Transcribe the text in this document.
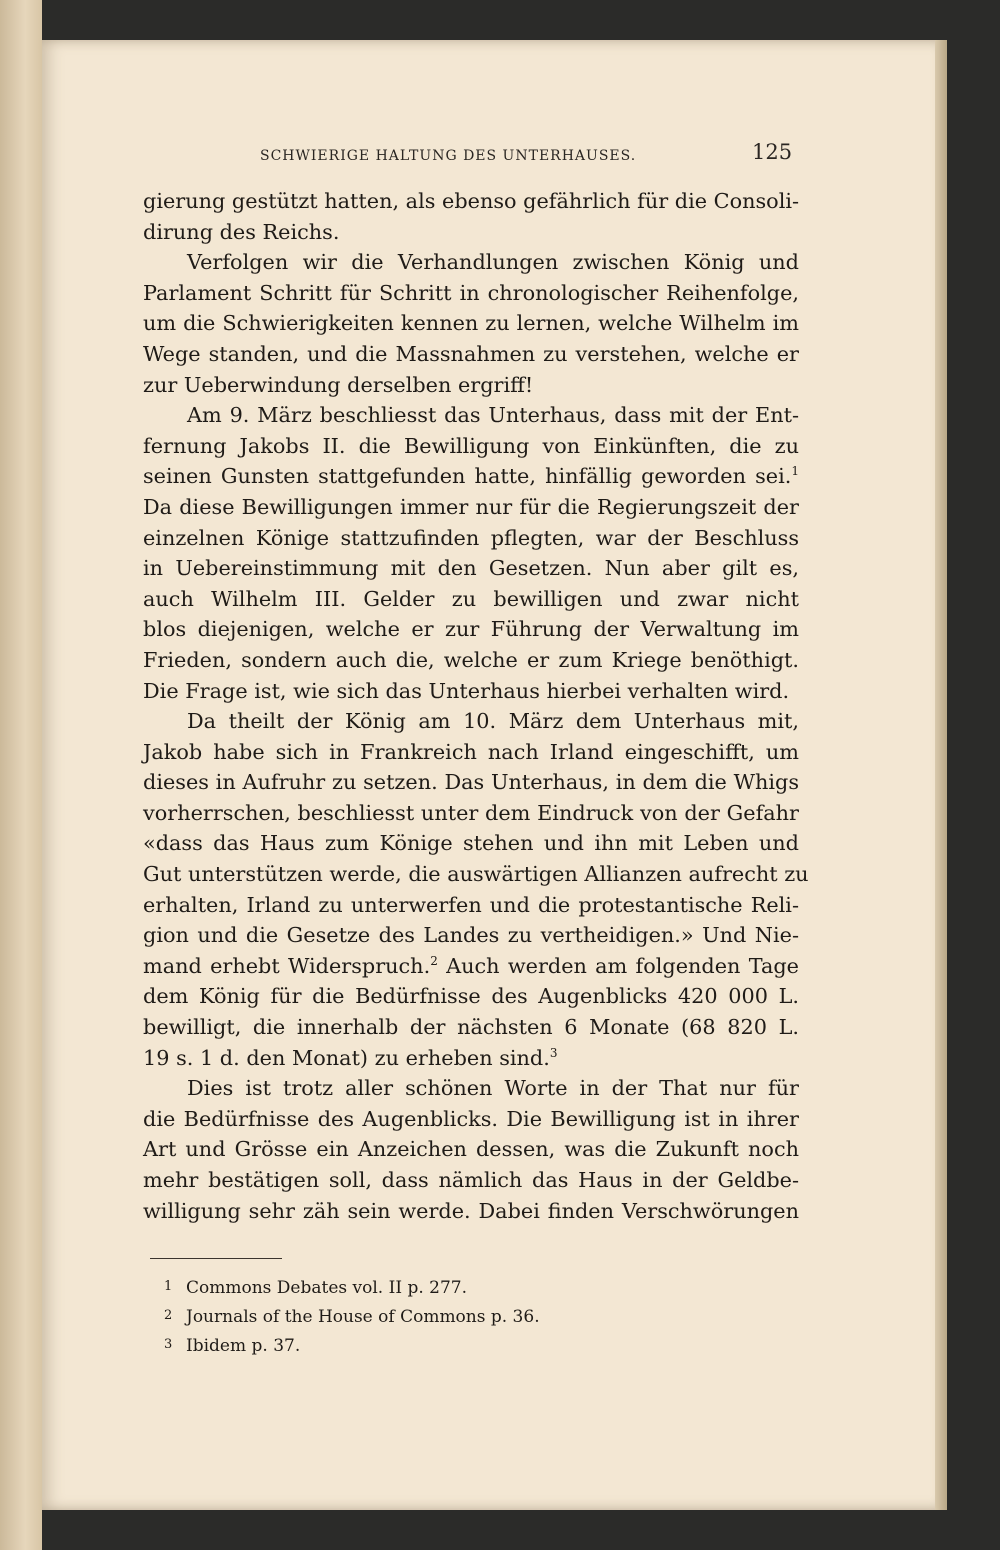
SCHWIERIGE HALTUNG DES UNTERHAUSES.	125
gierung gestützt hatten, als ebenso gefährlich für die Consoli-
dirung des Reichs.
Verfolgen wir die Verhandlungen zwischen König und
Parlament Schritt für Schritt in chronologischer Reihenfolge,
um die Schwierigkeiten kennen zu lernen, welche Wilhelm im
Wege standen, und die Massnahmen zu verstehen, welche er
zur Ueberwindung derselben ergriff!
Am 9. März beschliesst das Unterhaus, dass mit der Ent-
fernung Jakobs II. die Bewilligung von Einkünften, die zu
seinen Gunsten stattgefunden hatte, hinfällig geworden sei.$^1$
Da diese Bewilligungen immer nur für die Regierungszeit der
einzelnen Könige stattzufinden pflegten, war der Beschluss
in Uebereinstimmung mit den Gesetzen. Nun aber gilt es,
auch Wilhelm III. Gelder zu bewilligen und zwar nicht
blos diejenigen, welche er zur Führung der Verwaltung im
Frieden, sondern auch die, welche er zum Kriege benöthigt.
Die Frage ist, wie sich das Unterhaus hierbei verhalten wird.
Da theilt der König am 10. März dem Unterhaus mit,
Jakob habe sich in Frankreich nach Irland eingeschifft, um
dieses in Aufruhr zu setzen. Das Unterhaus, in dem die Whigs
vorherrschen, beschliesst unter dem Eindruck von der Gefahr
«dass das Haus zum Könige stehen und ihn mit Leben und
Gut unterstützen werde, die auswärtigen Allianzen aufrecht zu
erhalten, Irland zu unterwerfen und die protestantische Reli-
gion und die Gesetze des Landes zu vertheidigen.» Und Nie-
mand erhebt Widerspruch.$^2$ Auch werden am folgenden Tage
dem König für die Bedürfnisse des Augenblicks 420 000 L.
bewilligt, die innerhalb der nächsten 6 Monate (68 820 L.
19 s. 1 d. den Monat) zu erheben sind.$^3$
Dies ist trotz aller schönen Worte in der That nur für
die Bedürfnisse des Augenblicks. Die Bewilligung ist in ihrer
Art und Grösse ein Anzeichen dessen, was die Zukunft noch
mehr bestätigen soll, dass nämlich das Haus in der Geldbe-
willigung sehr zäh sein werde. Dabei finden Verschwörungen
1 Commons Debates vol. II p. 277.
2 Journals of the House of Commons p. 36.
3 Ibidem p. 37.
